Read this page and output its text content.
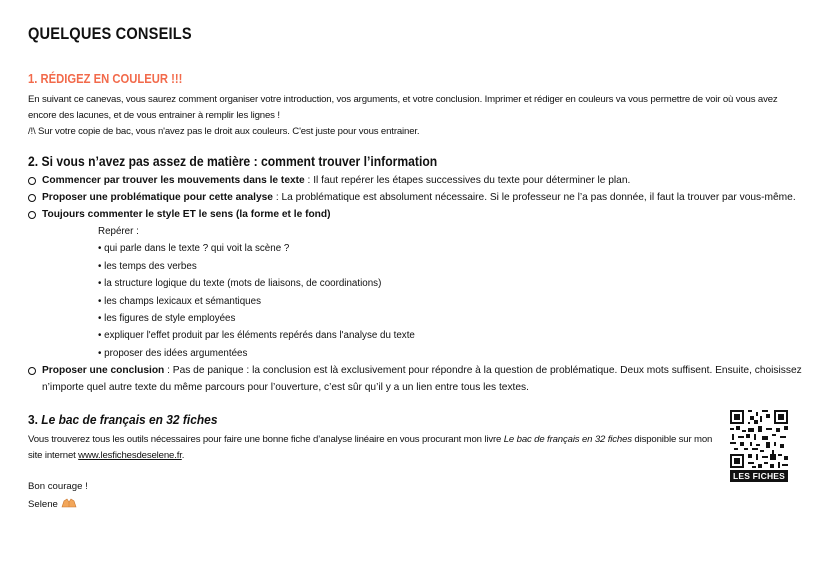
QUELQUES CONSEILS
1. RÉDIGEZ EN COULEUR !!!
En suivant ce canevas, vous saurez comment organiser votre introduction, vos arguments, et votre conclusion. Imprimer et rédiger en couleurs va vous permettre de voir où vous avez encore des lacunes, et de vous entrainer à remplir les lignes !
/!\ Sur votre copie de bac, vous n'avez pas le droit aux couleurs. C'est juste pour vous entrainer.
2. Si vous n’avez pas assez de matière : comment trouver l’information
Commencer par trouver les mouvements dans le texte : Il faut repérer les étapes successives du texte pour déterminer le plan.
Proposer une problématique pour cette analyse : La problématique est absolument nécessaire. Si le professeur ne l’a pas donnée, il faut la trouver par vous-même.
Toujours commenter le style ET le sens (la forme et le fond)
Repérer :
• qui parle dans le texte ? qui voit la scène ?
• les temps des verbes
• la structure logique du texte (mots de liaisons, de coordinations)
• les champs lexicaux et sémantiques
• les figures de style employées
• expliquer l'effet produit par les éléments repérés dans l'analyse du texte
• proposer des idées argumentées
Proposer une conclusion : Pas de panique : la conclusion est là exclusivement pour répondre à la question de problématique. Deux mots suffisent. Ensuite, choisissez n’importe quel autre texte du même parcours pour l’ouverture, c’est sûr qu’il y a un lien entre tous les textes.
3. Le bac de français en 32 fiches
Vous trouverez tous les outils nécessaires pour faire une bonne fiche d’analyse linéaire en vous procurant mon livre Le bac de français en 32 fiches disponible sur mon site internet www.lesfichesdeselene.fr.
LES FICHES
Bon courage !
Selene
